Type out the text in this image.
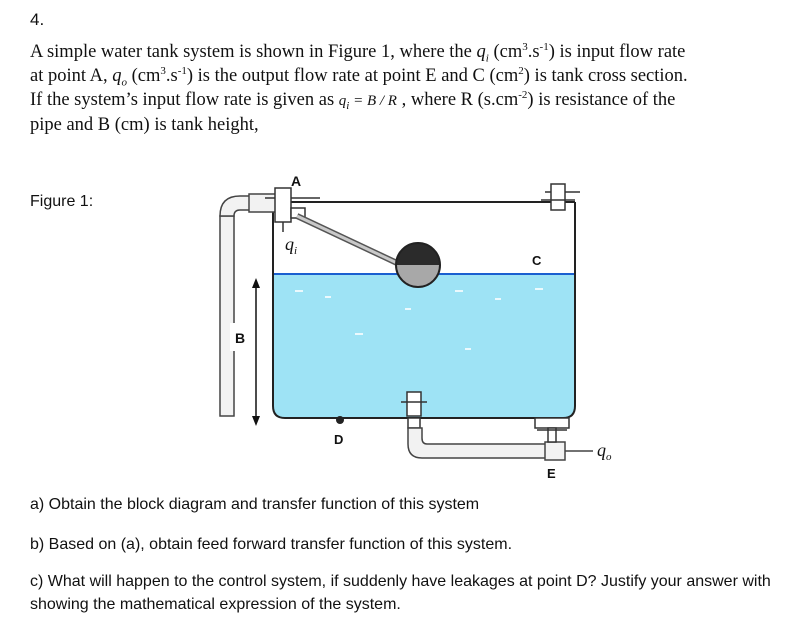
4.
A simple water tank system is shown in Figure 1, where the $q_i$ $(cm^3.s^{-1})$ is input flow rate
at point A, $q_o$ $(cm^3.s^{-1})$ is the output flow rate at point E and C $(cm^2)$ is tank cross section.
If the system’s input flow rate is given as $q_i = B / R$ , where R $(s.cm^{-2})$ is resistance of the
pipe and B (cm) is tank height,
Figure 1:
A
$q_i$
C
B
D
E
$q_o$
a) Obtain the block diagram and transfer function of this system
b) Based on (a), obtain feed forward transfer function of this system.
c) What will happen to the control system, if suddenly have leakages at point D? Justify your answer with showing the mathematical expression of the system.
